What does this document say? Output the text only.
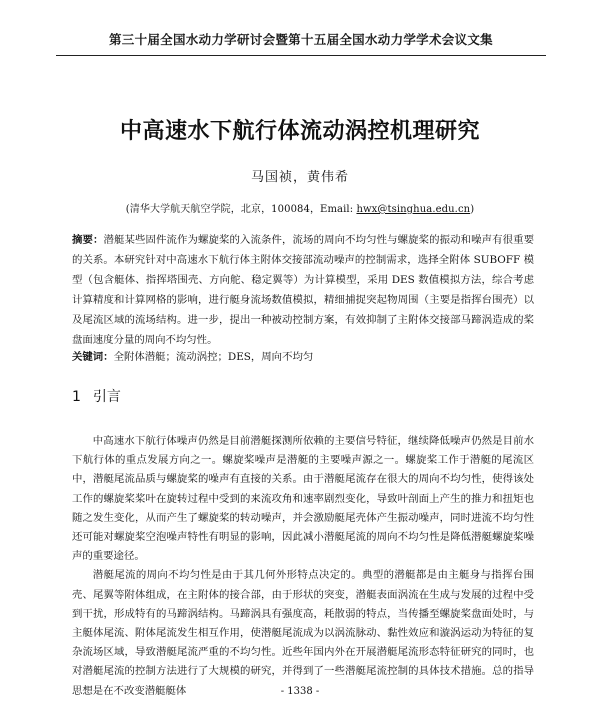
第三十届全国水动力学研讨会暨第十五届全国水动力学学术会议文集
中高速水下航行体流动涡控机理研究
马国祯，黄伟希
(清华大学航天航空学院，北京，100084，Email: hwx@tsinghua.edu.cn)
摘要：潜艇某些固件流作为螺旋桨的入流条件，流场的周向不均匀性与螺旋桨的振动和噪声有很重要的关系。本研究针对中高速水下航行体主附体交接部流动噪声的控制需求，选择全附体 SUBOFF 模型（包含艇体、指挥塔围壳、方向舵、稳定翼等）为计算模型，采用 DES 数值模拟方法，综合考虑计算精度和计算网格的影响，进行艇身流场数值模拟，精细捕捉突起物周围（主要是指挥台围壳）以及尾流区域的流场结构。进一步，提出一种被动控制方案，有效抑制了主附体交接部马蹄涡造成的桨盘面速度分量的周向不均匀性。
关键词：全附体潜艇；流动涡控；DES，周向不均匀
1 引言

中高速水下航行体噪声仍然是目前潜艇探测所依赖的主要信号特征，继续降低噪声仍然是目前水下航行体的重点发展方向之一。螺旋桨噪声是潜艇的主要噪声源之一。螺旋桨工作于潜艇的尾流区中，潜艇尾流品质与螺旋桨的噪声有直接的关系。由于潜艇尾流存在很大的周向不均匀性，使得该处工作的螺旋桨桨叶在旋转过程中受到的来流攻角和速率剧烈变化，导致叶剖面上产生的推力和扭矩也随之发生变化，从而产生了螺旋桨的转动噪声，并会激励艇尾壳体产生振动噪声，同时进流不均匀性还可能对螺旋桨空泡噪声特性有明显的影响，因此减小潜艇尾流的周向不均匀性是降低潜艇螺旋桨噪声的重要途径。

潜艇尾流的周向不均匀性是由于其几何外形特点决定的。典型的潜艇都是由主艇身与指挥台围壳、尾翼等附体组成，在主附体的接合部，由于形状的突变，潜艇表面涡流在生成与发展的过程中受到干扰，形成特有的马蹄涡结构。马蹄涡具有强度高，耗散弱的特点，当传播至螺旋桨盘面处时，与主艇体尾流、附体尾流发生相互作用，使潜艇尾流成为以涡流脉动、黏性效应和漩涡运动为特征的复杂流场区域，导致潜艇尾流严重的不均匀性。近些年国内外在开展潜艇尾流形态特征研究的同时，也对潜艇尾流的控制方法进行了大规模的研究，并得到了一些潜艇尾流控制的具体技术措施。总的指导思想是在不改变潜艇艇体	- 1338 -
